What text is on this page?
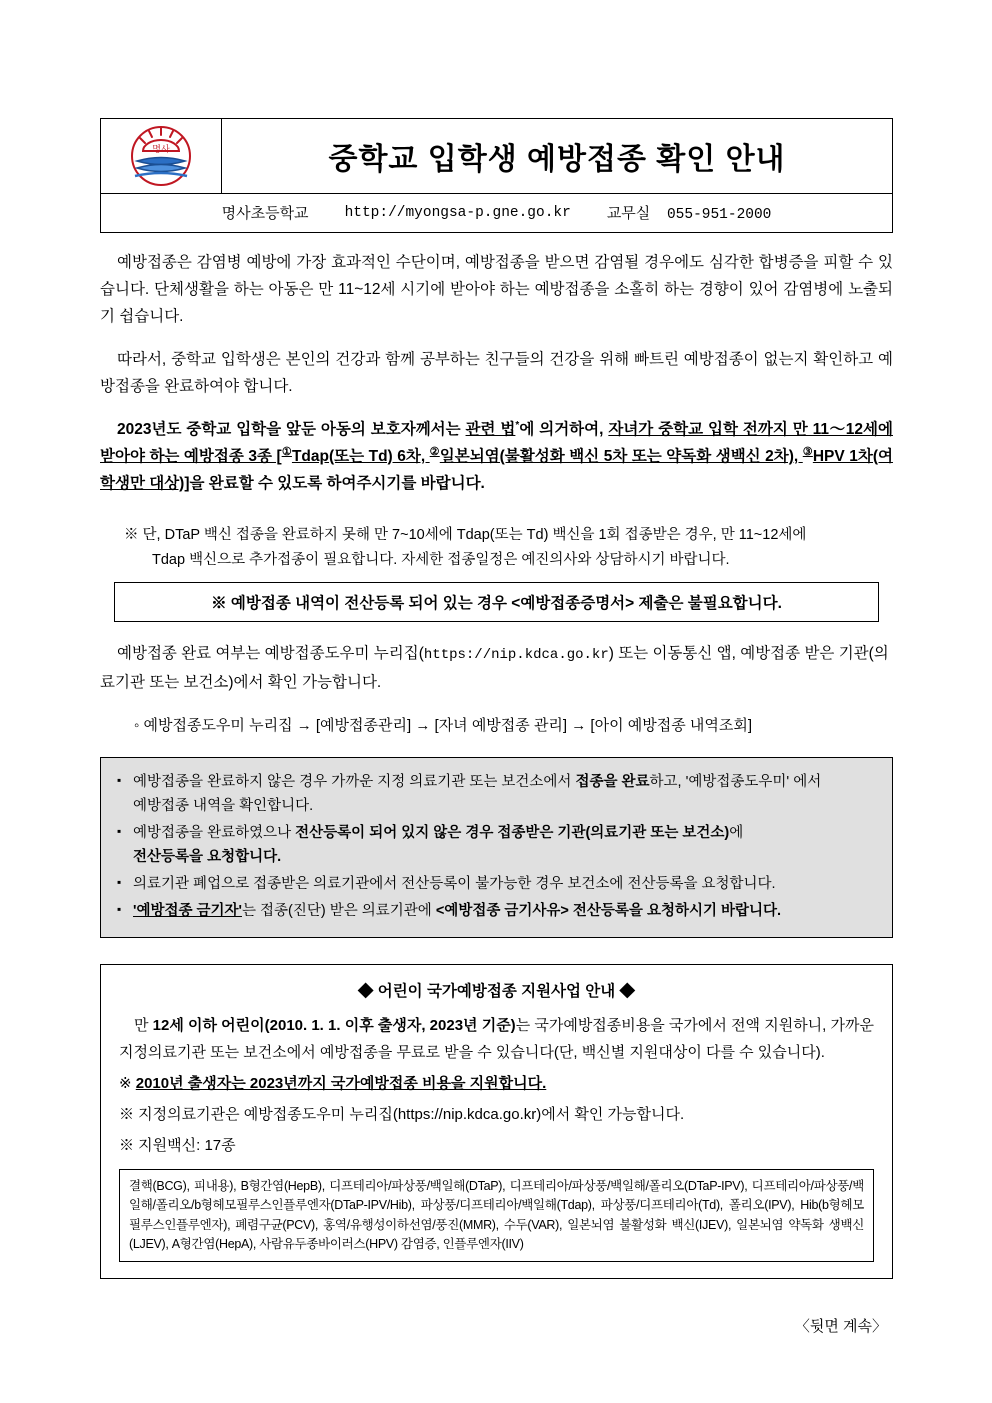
명사	중학교 입학생 예방접종 확인 안내
명사초등학교 http://myongsa-p.gne.go.kr 교무실 055-951-2000

예방접종은 감염병 예방에 가장 효과적인 수단이며, 예방접종을 받으면 감염될 경우에도 심각한 합병증을 피할 수 있습니다. 단체생활을 하는 아동은 만 11~12세 시기에 받아야 하는 예방접종을 소홀히 하는 경향이 있어 감염병에 노출되기 쉽습니다.

따라서, 중학교 입학생은 본인의 건강과 함께 공부하는 친구들의 건강을 위해 빠트린 예방접종이 없는지 확인하고 예방접종을 완료하여야 합니다.

2023년도 중학교 입학을 앞둔 아동의 보호자께서는 관련 법*에 의거하여, 자녀가 중학교 입학 전까지 만 11～12세에 받아야 하는 예방접종 3종 [①Tdap(또는 Td) 6차, ②일본뇌염(불활성화 백신 5차 또는 약독화 생백신 2차), ③HPV 1차(여학생만 대상)]을 완료할 수 있도록 하여주시기를 바랍니다.

※ 단, DTaP 백신 접종을 완료하지 못해 만 7~10세에 Tdap(또는 Td) 백신을 1회 접종받은 경우, 만 11~12세에
Tdap 백신으로 추가접종이 필요합니다. 자세한 접종일정은 예진의사와 상담하시기 바랍니다.
※ 예방접종 내역이 전산등록 되어 있는 경우 <예방접종증명서> 제출은 불필요합니다.

예방접종 완료 여부는 예방접종도우미 누리집(https://nip.kdca.go.kr) 또는 이동통신 앱, 예방접종 받은 기관(의료기관 또는 보건소)에서 확인 가능합니다.

◦ 예방접종도우미 누리집 → [예방접종관리] → [자녀 예방접종 관리] → [아이 예방접종 내역조회]
▪ 예방접종을 완료하지 않은 경우 가까운 지정 의료기관 또는 보건소에서 접종을 완료하고, '예방접종도우미' 에서
예방접종 내역을 확인합니다.
▪ 예방접종을 완료하였으나 전산등록이 되어 있지 않은 경우 접종받은 기관(의료기관 또는 보건소)에
전산등록을 요청합니다.
▪ 의료기관 폐업으로 접종받은 의료기관에서 전산등록이 불가능한 경우 보건소에 전산등록을 요청합니다.
▪ '예방접종 금기자'는 접종(진단) 받은 의료기관에 <예방접종 금기사유> 전산등록을 요청하시기 바랍니다.
◆ 어린이 국가예방접종 지원사업 안내 ◆
만 12세 이하 어린이(2010. 1. 1. 이후 출생자, 2023년 기준)는 국가예방접종비용을 국가에서 전액 지원하니, 가까운 지정의료기관 또는 보건소에서 예방접종을 무료로 받을 수 있습니다(단, 백신별 지원대상이 다를 수 있습니다).
※ 2010년 출생자는 2023년까지 국가예방접종 비용을 지원합니다.
※ 지정의료기관은 예방접종도우미 누리집(https://nip.kdca.go.kr)에서 확인 가능합니다.
※ 지원백신: 17종
결핵(BCG), 피내용), B형간염(HepB), 디프테리아/파상풍/백일해(DTaP), 디프테리아/파상풍/백일해/폴리오(DTaP-IPV), 디프테리아/파상풍/백일해/폴리오/b형헤모필루스인플루엔자(DTaP-IPV/Hib), 파상풍/디프테리아/백일해(Tdap), 파상풍/디프테리아(Td), 폴리오(IPV), Hib(b형헤모필루스인플루엔자), 폐렴구균(PCV), 홍역/유행성이하선염/풍진(MMR), 수두(VAR), 일본뇌염 불활성화 백신(IJEV), 일본뇌염 약독화 생백신(LJEV), A형간염(HepA), 사람유두종바이러스(HPV) 감염증, 인플루엔자(IIV)
〈뒷면 계속〉
